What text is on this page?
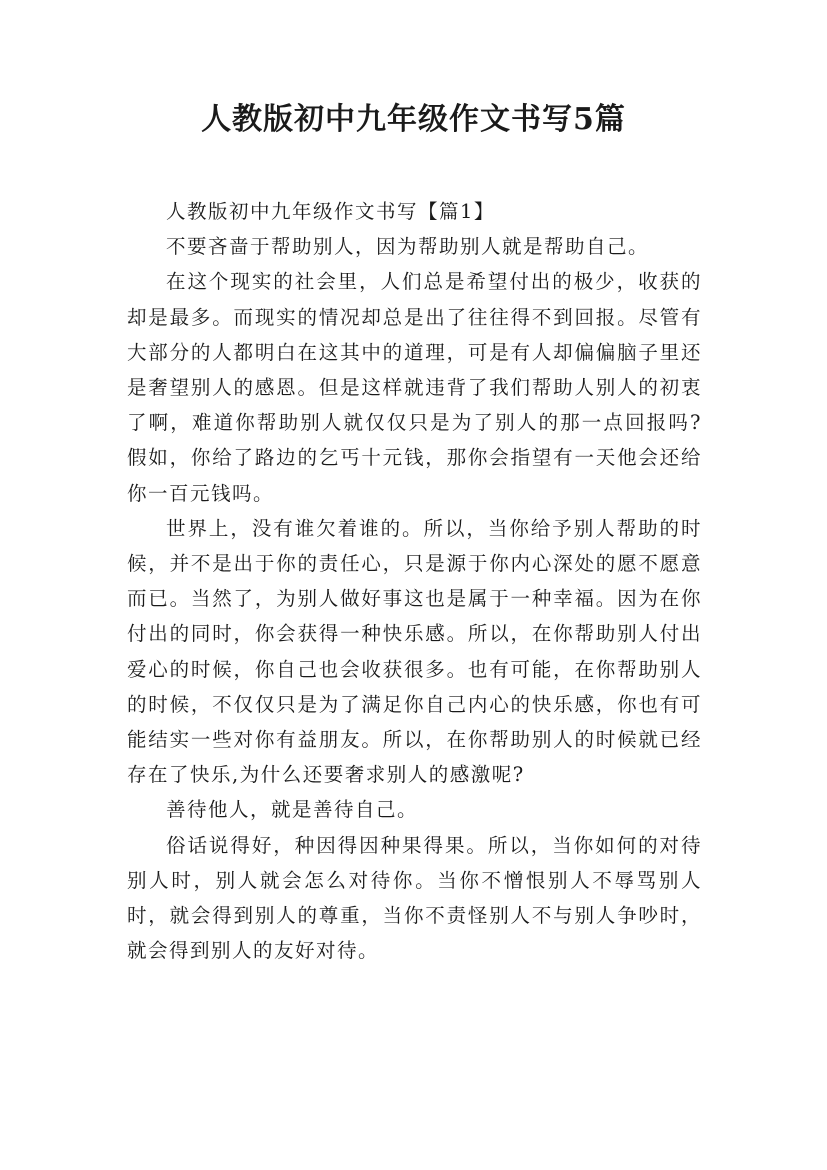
人教版初中九年级作文书写5篇

人教版初中九年级作文书写【篇1】

不要吝啬于帮助别人，因为帮助别人就是帮助自己。

在这个现实的社会里，人们总是希望付出的极少，收获的却是最多。而现实的情况却总是出了往往得不到回报。尽管有大部分的人都明白在这其中的道理，可是有人却偏偏脑子里还是奢望别人的感恩。但是这样就违背了我们帮助人别人的初衷了啊，难道你帮助别人就仅仅只是为了别人的那一点回报吗?假如，你给了路边的乞丐十元钱，那你会指望有一天他会还给你一百元钱吗。

世界上，没有谁欠着谁的。所以，当你给予别人帮助的时候，并不是出于你的责任心，只是源于你内心深处的愿不愿意而已。当然了，为别人做好事这也是属于一种幸福。因为在你付出的同时，你会获得一种快乐感。所以，在你帮助别人付出爱心的时候，你自己也会收获很多。也有可能，在你帮助别人的时候，不仅仅只是为了满足你自己内心的快乐感，你也有可能结实一些对你有益朋友。所以，在你帮助别人的时候就已经存在了快乐,为什么还要奢求别人的感激呢?

善待他人，就是善待自己。

俗话说得好，种因得因种果得果。所以，当你如何的对待别人时，别人就会怎么对待你。当你不憎恨别人不辱骂别人时，就会得到别人的尊重，当你不责怪别人不与别人争吵时，就会得到别人的友好对待。
